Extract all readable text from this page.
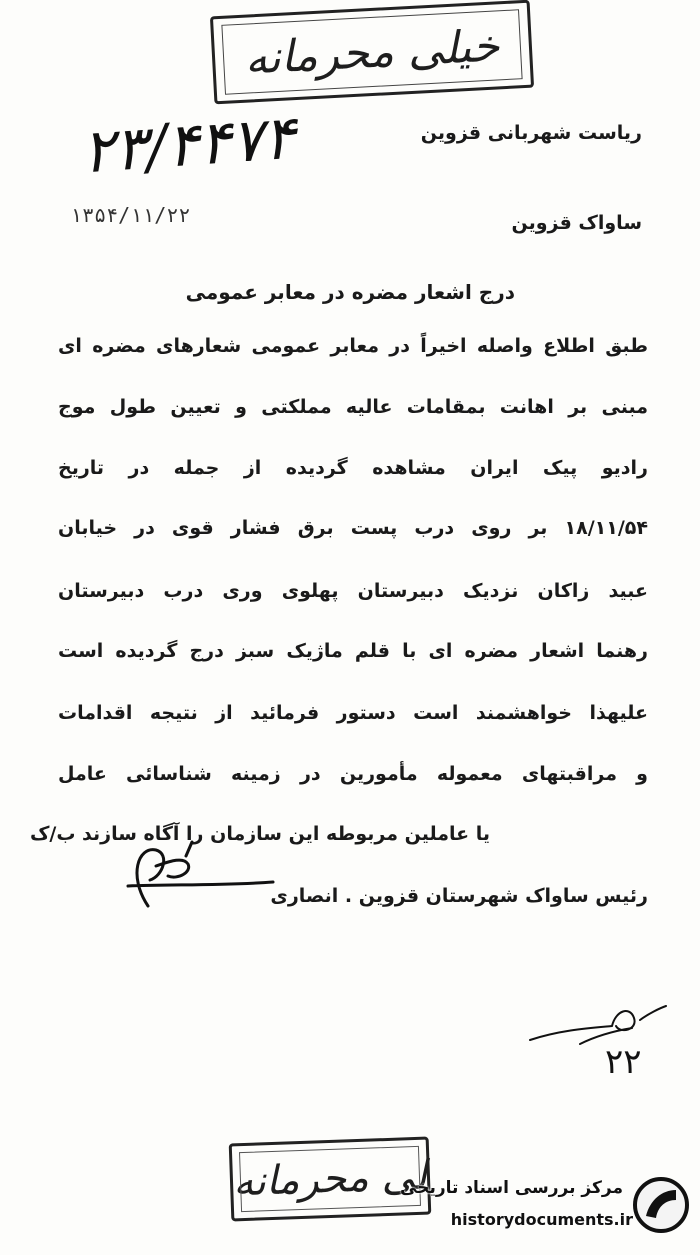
خیلی محرمانه
۲۳/۴۴۷۴
۱۳۵۴/۱۱/۲۲
ریاست شهربانی قزوین
ساواک قزوین
درج اشعار مضره در معابر عمومی
طبق اطلاع واصله اخیراً در معابر عمومی شعارهای مضره ای
مبنی بر اهانت بمقامات عالیه مملکتی و تعیین طول موج
رادیو پیک ایران مشاهده گردیده از جمله در تاریخ
۱۸/۱۱/۵۴ بر روی درب پست برق فشار قوی در خیابان
عبید زاکان نزدیک دبیرستان پهلوی وری درب دبیرستان
رهنما اشعار مضره ای با قلم ماژیک سبز درج گردیده است
علیهذا خواهشمند است دستور فرمائید از نتیجه اقدامات
و مراقبتهای معموله مأمورین در زمینه شناسائی عامل
یا عاملین مربوطه این سازمان را آگاه سازند ب/ک
رئیس ساواک شهرستان قزوین . انصاری
۲۲
لی محرمانه
مرکز بررسی اسناد تاریخی
historydocuments.ir
